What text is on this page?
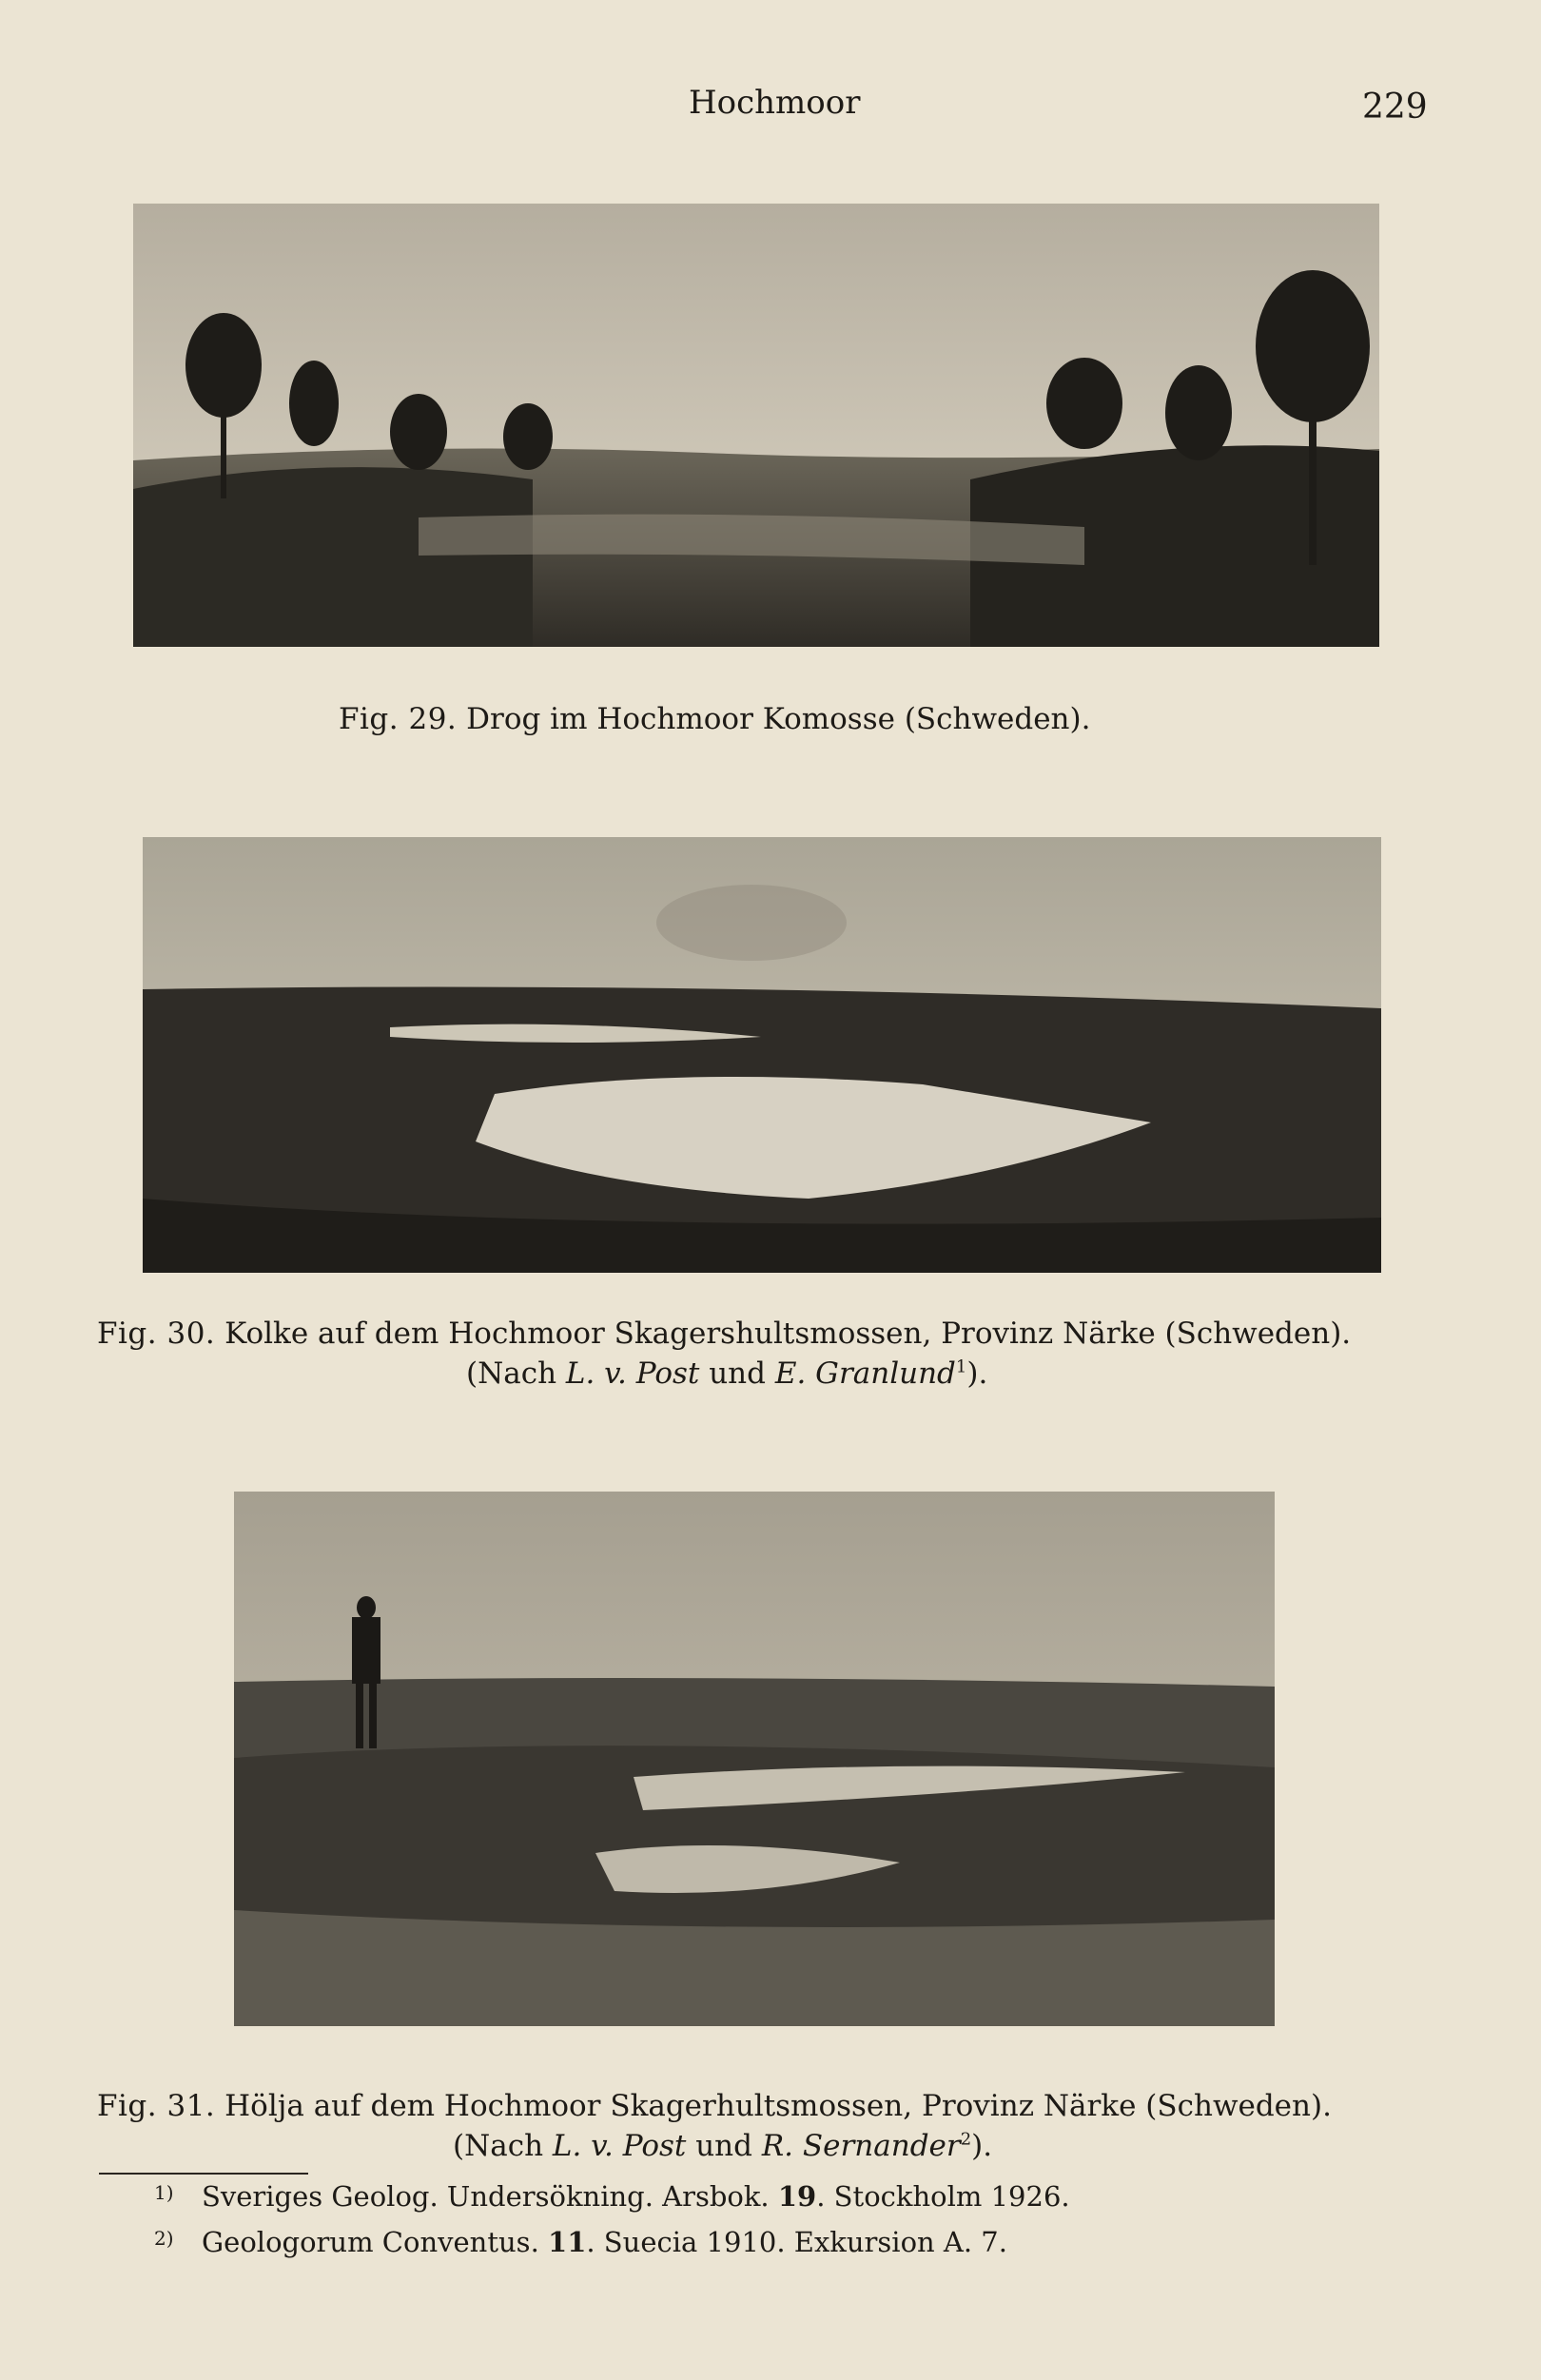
Hochmoor	229
Fig. 29. Drog im Hochmoor Komosse (Schweden).
Fig. 30. Kolke auf dem Hochmoor Skagershultsmossen, Provinz Närke (Schweden).
(Nach L. v. Post und E. Granlund$^1$).
Fig. 31. Hölja auf dem Hochmoor Skagerhultsmossen, Provinz Närke (Schweden).
(Nach L. v. Post und R. Sernander$^2$).
1) Sveriges Geolog. Undersökning. Arsbok. 19. Stockholm 1926.
2) Geologorum Conventus. 11. Suecia 1910. Exkursion A. 7.
